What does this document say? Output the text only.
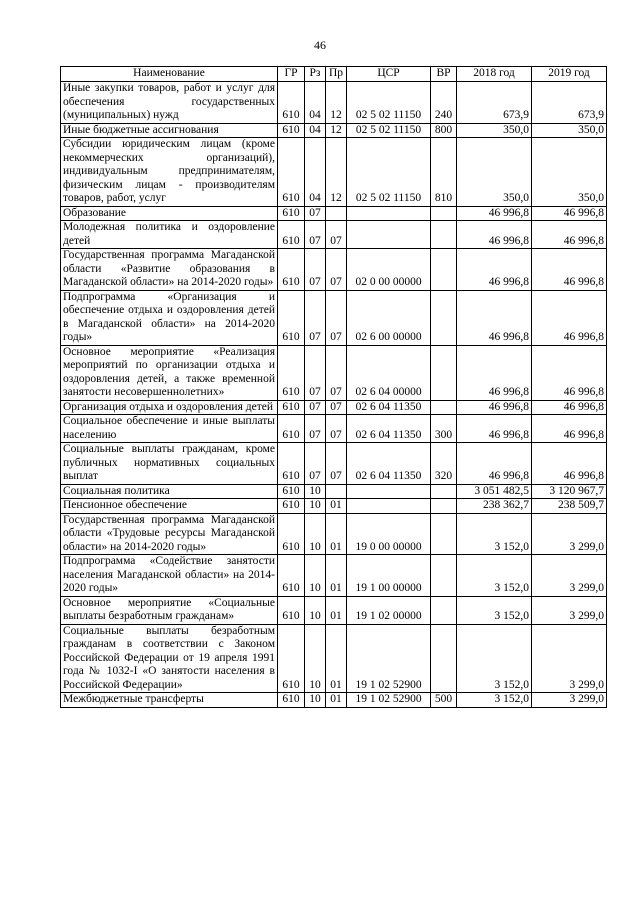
46
Наименование	ГР	Рз	Пр	ЦСР	ВР	2018 год	2019 год
Иные закупки товаров, работ и услуг для обеспечения государственных (муниципальных) нужд	610	04	12	02 5 02 11150	240	673,9	673,9
Иные бюджетные ассигнования	610	04	12	02 5 02 11150	800	350,0	350,0
Субсидии юридическим лицам (кроме некоммерческих организаций), индивидуальным предпринимателям, физическим лицам - производителям товаров, работ, услуг	610	04	12	02 5 02 11150	810	350,0	350,0
Образование	610	07				46 996,8	46 996,8
Молодежная политика и оздоровление детей	610	07	07			46 996,8	46 996,8
Государственная программа Магаданской области «Развитие образования в Магаданской области» на 2014-2020 годы»	610	07	07	02 0 00 00000		46 996,8	46 996,8
Подпрограмма «Организация и обеспечение отдыха и оздоровления детей в Магаданской области» на 2014-2020 годы»	610	07	07	02 6 00 00000		46 996,8	46 996,8
Основное мероприятие «Реализация мероприятий по организации отдыха и оздоровления детей, а также временной занятости несовершеннолетних»	610	07	07	02 6 04 00000		46 996,8	46 996,8
Организация отдыха и оздоровления детей	610	07	07	02 6 04 11350		46 996,8	46 996,8
Социальное обеспечение и иные выплаты населению	610	07	07	02 6 04 11350	300	46 996,8	46 996,8
Социальные выплаты гражданам, кроме публичных нормативных социальных выплат	610	07	07	02 6 04 11350	320	46 996,8	46 996,8
Социальная политика	610	10				3 051 482,5	3 120 967,7
Пенсионное обеспечение	610	10	01			238 362,7	238 509,7
Государственная программа Магаданской области «Трудовые ресурсы Магаданской области» на 2014-2020 годы»	610	10	01	19 0 00 00000		3 152,0	3 299,0
Подпрограмма «Содействие занятости населения Магаданской области» на 2014-2020 годы»	610	10	01	19 1 00 00000		3 152,0	3 299,0
Основное мероприятие «Социальные выплаты безработным гражданам»	610	10	01	19 1 02 00000		3 152,0	3 299,0
Социальные выплаты безработным гражданам в соответствии с Законом Российской Федерации от 19 апреля 1991 года № 1032-I «О занятости населения в Российской Федерации»	610	10	01	19 1 02 52900		3 152,0	3 299,0
Межбюджетные трансферты	610	10	01	19 1 02 52900	500	3 152,0	3 299,0
